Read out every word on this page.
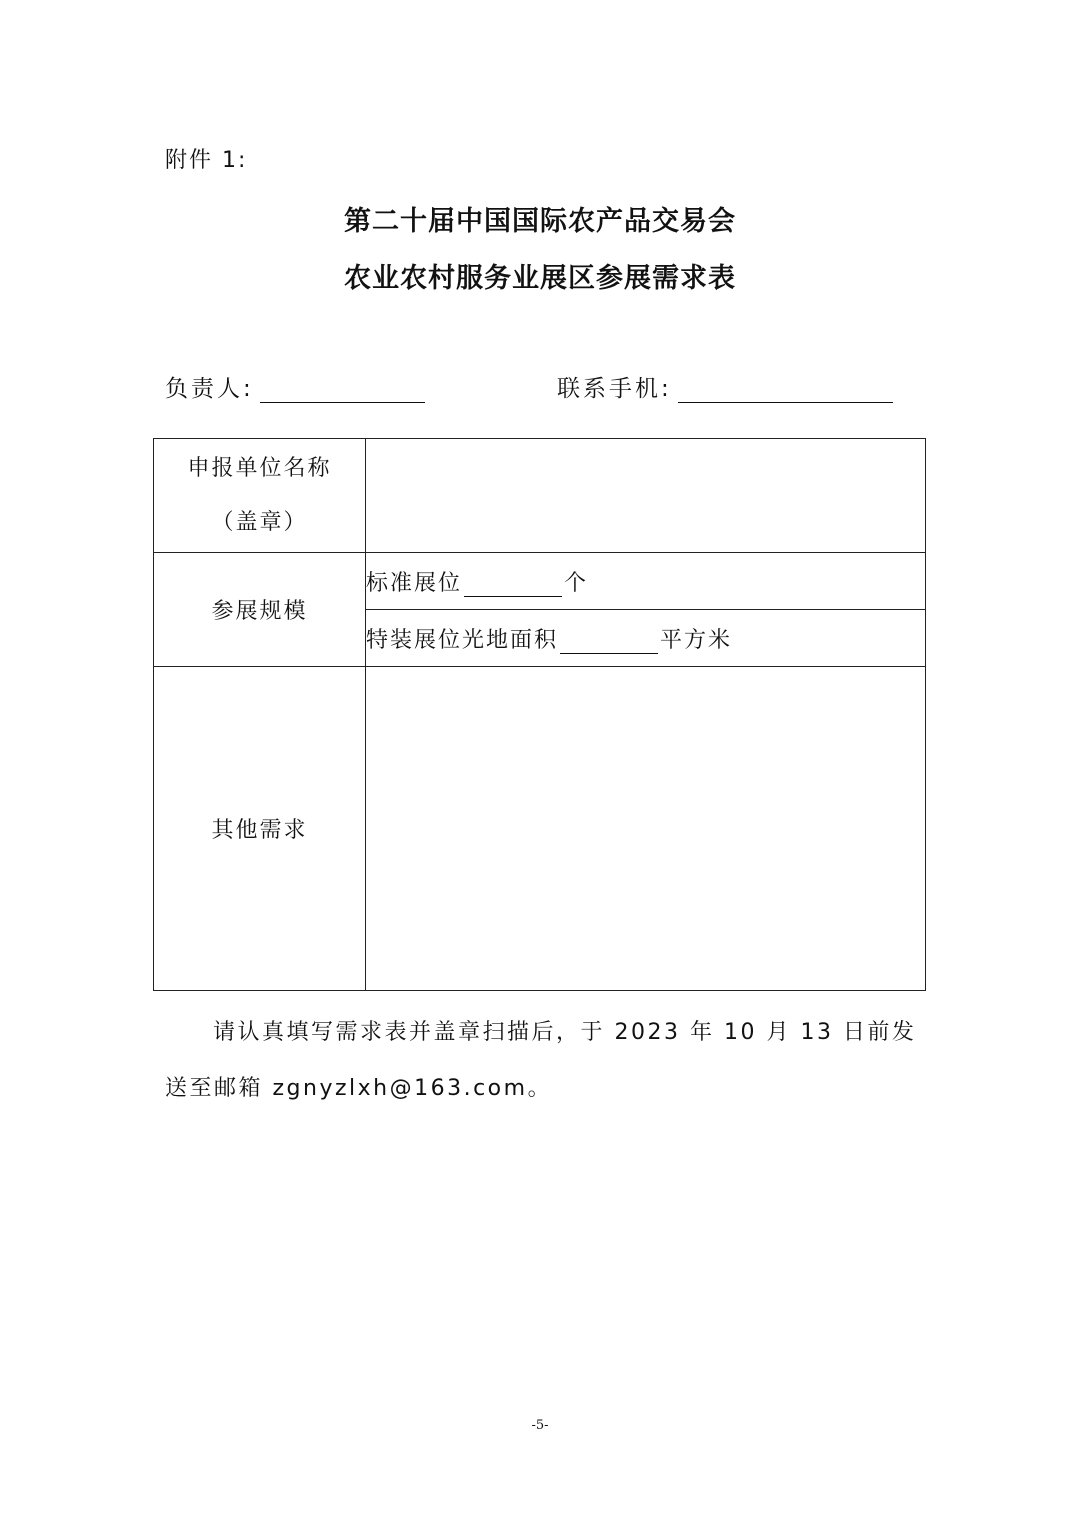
附件 1:
第二十届中国国际农产品交易会
农业农村服务业展区参展需求表
负责人:	联系手机:
申报单位名称
（盖章）	

参展规模	标准展位 个
	特装展位光地面积 平方米
其他需求	
请认真填写需求表并盖章扫描后，于 2023 年 10 月 13 日前发送至邮箱 zgnyzlxh@163.com。
-5-
